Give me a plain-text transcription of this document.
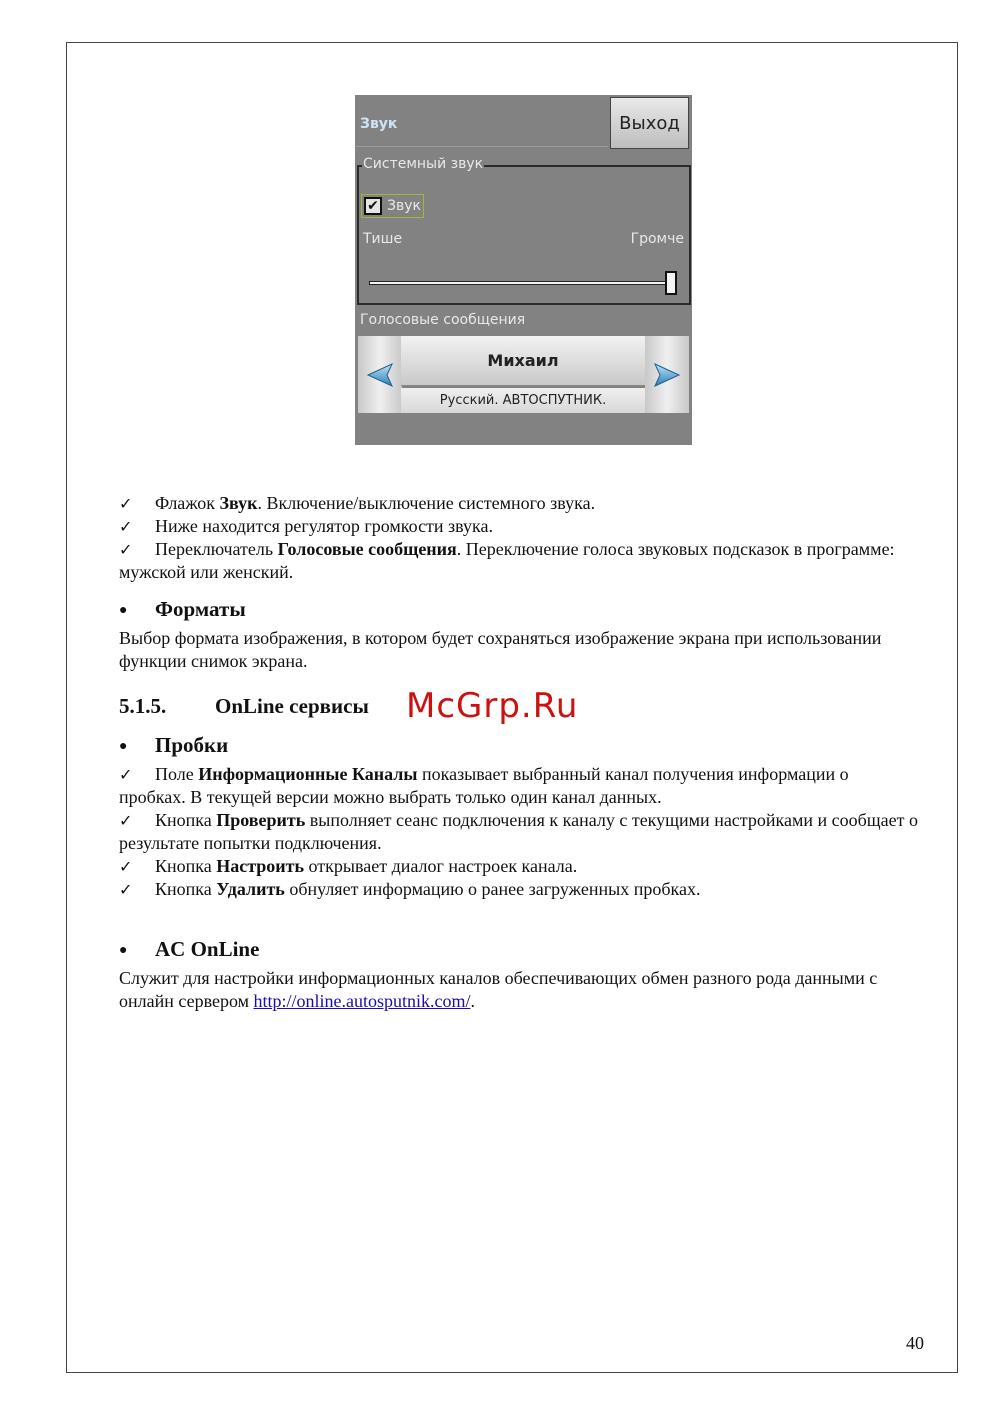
Звук	Выход
Системный звук
✔ Звук
Тише	Громче
Голосовые сообщения
Михаил
Русский. АВТОСПУТНИК.

✓ Флажок Звук. Включение/выключение системного звука.

✓ Ниже находится регулятор громкости звука.

✓ Переключатель Голосовые сообщения. Переключение голоса звуковых подсказок в программе: мужской или женский.

● Форматы

Выбор формата изображения, в котором будет сохраняться изображение экрана при использовании функции снимок экрана.

5.1.5. OnLine сервисы McGrp.Ru
● Пробки

✓ Поле Информационные Каналы показывает выбранный канал получения информации о пробках. В текущей версии можно выбрать только один канал данных.

✓ Кнопка Проверить выполняет сеанс подключения к каналу с текущими настройками и сообщает о результате попытки подключения.

✓ Кнопка Настроить открывает диалог настроек канала.

✓ Кнопка Удалить обнуляет информацию о ранее загруженных пробках.

● AC OnLine

Служит для настройки информационных каналов обеспечивающих обмен разного рода данными с онлайн сервером http://online.autosputnik.com/.

40
